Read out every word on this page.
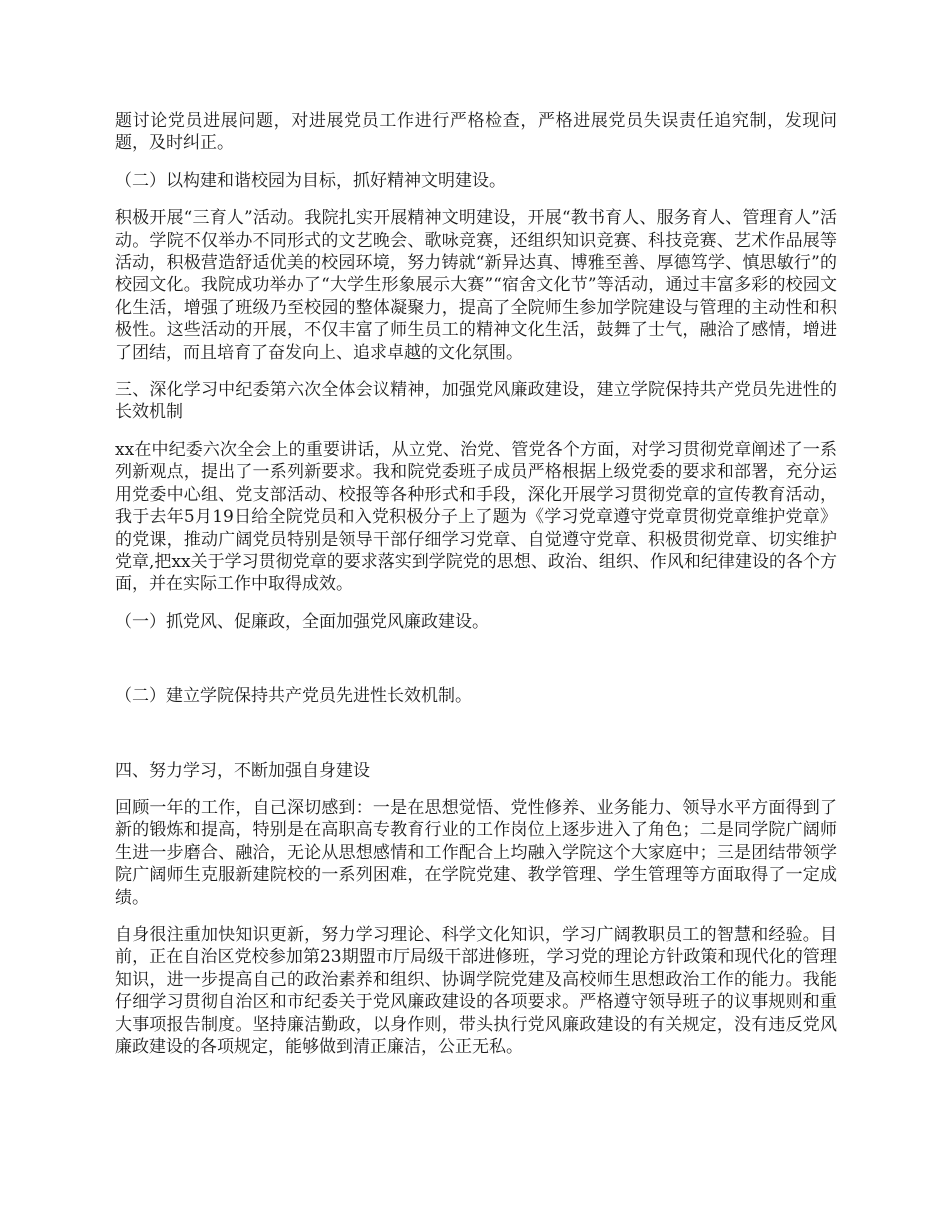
题讨论党员进展问题，对进展党员工作进行严格检查，严格进展党员失误责任追究制，发现问题，及时纠正。

（二）以构建和谐校园为目标，抓好精神文明建设。

积极开展“三育人”活动。我院扎实开展精神文明建设，开展“教书育人、服务育人、管理育人”活动。学院不仅举办不同形式的文艺晚会、歌咏竞赛，还组织知识竞赛、科技竞赛、艺术作品展等活动，积极营造舒适优美的校园环境，努力铸就“新异达真、博雅至善、厚德笃学、慎思敏行”的校园文化。我院成功举办了“大学生形象展示大赛”“宿舍文化节”等活动，通过丰富多彩的校园文化生活，增强了班级乃至校园的整体凝聚力，提高了全院师生参加学院建设与管理的主动性和积极性。这些活动的开展，不仅丰富了师生员工的精神文化生活，鼓舞了士气，融洽了感情，增进了团结，而且培育了奋发向上、追求卓越的文化氛围。

三、深化学习中纪委第六次全体会议精神，加强党风廉政建设，建立学院保持共产党员先进性的长效机制

xx在中纪委六次全会上的重要讲话，从立党、治党、管党各个方面，对学习贯彻党章阐述了一系列新观点，提出了一系列新要求。我和院党委班子成员严格根据上级党委的要求和部署，充分运用党委中心组、党支部活动、校报等各种形式和手段，深化开展学习贯彻党章的宣传教育活动，我于去年5月19日给全院党员和入党积极分子上了题为《学习党章遵守党章贯彻党章维护党章》的党课，推动广阔党员特别是领导干部仔细学习党章、自觉遵守党章、积极贯彻党章、切实维护党章,把xx关于学习贯彻党章的要求落实到学院党的思想、政治、组织、作风和纪律建设的各个方面，并在实际工作中取得成效。

（一）抓党风、促廉政，全面加强党风廉政建设。

（二）建立学院保持共产党员先进性长效机制。

四、努力学习，不断加强自身建设

回顾一年的工作，自己深切感到：一是在思想觉悟、党性修养、业务能力、领导水平方面得到了新的锻炼和提高，特别是在高职高专教育行业的工作岗位上逐步进入了角色；二是同学院广阔师生进一步磨合、融洽，无论从思想感情和工作配合上均融入学院这个大家庭中；三是团结带领学院广阔师生克服新建院校的一系列困难，在学院党建、教学管理、学生管理等方面取得了一定成绩。

自身很注重加快知识更新，努力学习理论、科学文化知识，学习广阔教职员工的智慧和经验。目前，正在自治区党校参加第23期盟市厅局级干部进修班，学习党的理论方针政策和现代化的管理知识，进一步提高自己的政治素养和组织、协调学院党建及高校师生思想政治工作的能力。我能仔细学习贯彻自治区和市纪委关于党风廉政建设的各项要求。严格遵守领导班子的议事规则和重大事项报告制度。坚持廉洁勤政，以身作则，带头执行党风廉政建设的有关规定，没有违反党风廉政建设的各项规定，能够做到清正廉洁，公正无私。
